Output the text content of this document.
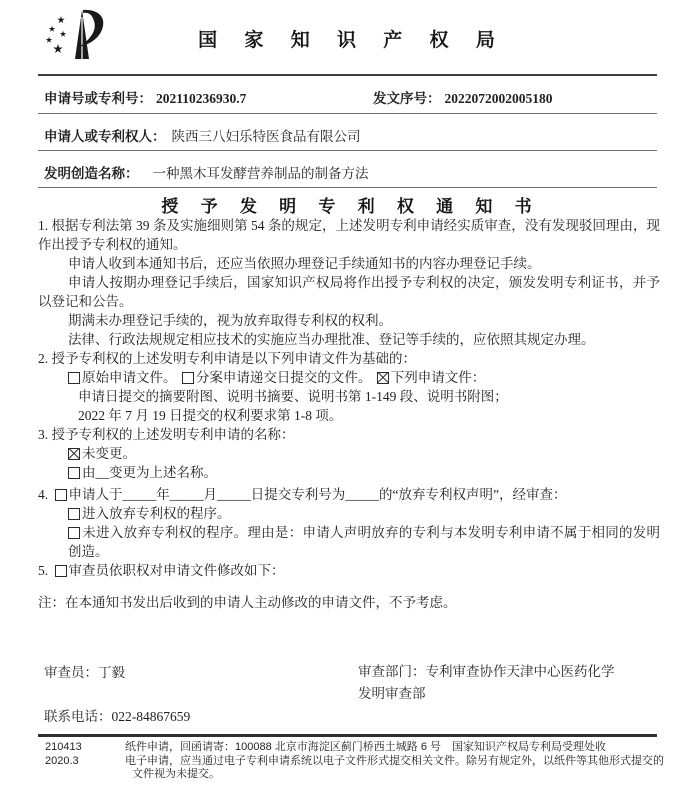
国 家 知 识 产 权 局
申请号或专利号： 202110236930.7	发文序号： 2022072002005180
申请人或专利权人： 陕西三八妇乐特医食品有限公司
发明创造名称： 一种黑木耳发酵营养制品的制备方法
授 予 发 明 专 利 权 通 知 书
1. 根据专利法第 39 条及实施细则第 54 条的规定，上述发明专利申请经实质审查，没有发现驳回理由，现作出授予专利权的通知。
申请人收到本通知书后，还应当依照办理登记手续通知书的内容办理登记手续。
申请人按期办理登记手续后，国家知识产权局将作出授予专利权的决定，颁发发明专利证书，并予以登记和公告。
期满未办理登记手续的，视为放弃取得专利权的权利。
法律、行政法规规定相应技术的实施应当办理批准、登记等手续的，应依照其规定办理。
2. 授予专利权的上述发明专利申请是以下列申请文件为基础的：
原始申请文件。 分案申请递交日提交的文件。 下列申请文件：
申请日提交的摘要附图、说明书摘要、说明书第 1-149 段、说明书附图；
2022 年 7 月 19 日提交的权利要求第 1-8 项。
3. 授予专利权的上述发明专利申请的名称：
未变更。
由__变更为上述名称。
4. 申请人于_____年_____月_____日提交专利号为_____的“放弃专利权声明”，经审查：
进入放弃专利权的程序。
未进入放弃专利权的程序。理由是：申请人声明放弃的专利与本发明专利申请不属于相同的发明创造。
5. 审查员依职权对申请文件修改如下：
注：在本通知书发出后收到的申请人主动修改的申请文件，不予考虑。
审查员：丁毅	审查部门：专利审查协作天津中心医药化学
发明审查部
联系电话：022-84867659
210413
2020.3
纸件申请，回函请寄：100088 北京市海淀区蓟门桥西土城路 6 号　国家知识产权局专利局受理处收
电子申请，应当通过电子专利申请系统以电子文件形式提交相关文件。除另有规定外，以纸件等其他形式提交的
文件视为未提交。
